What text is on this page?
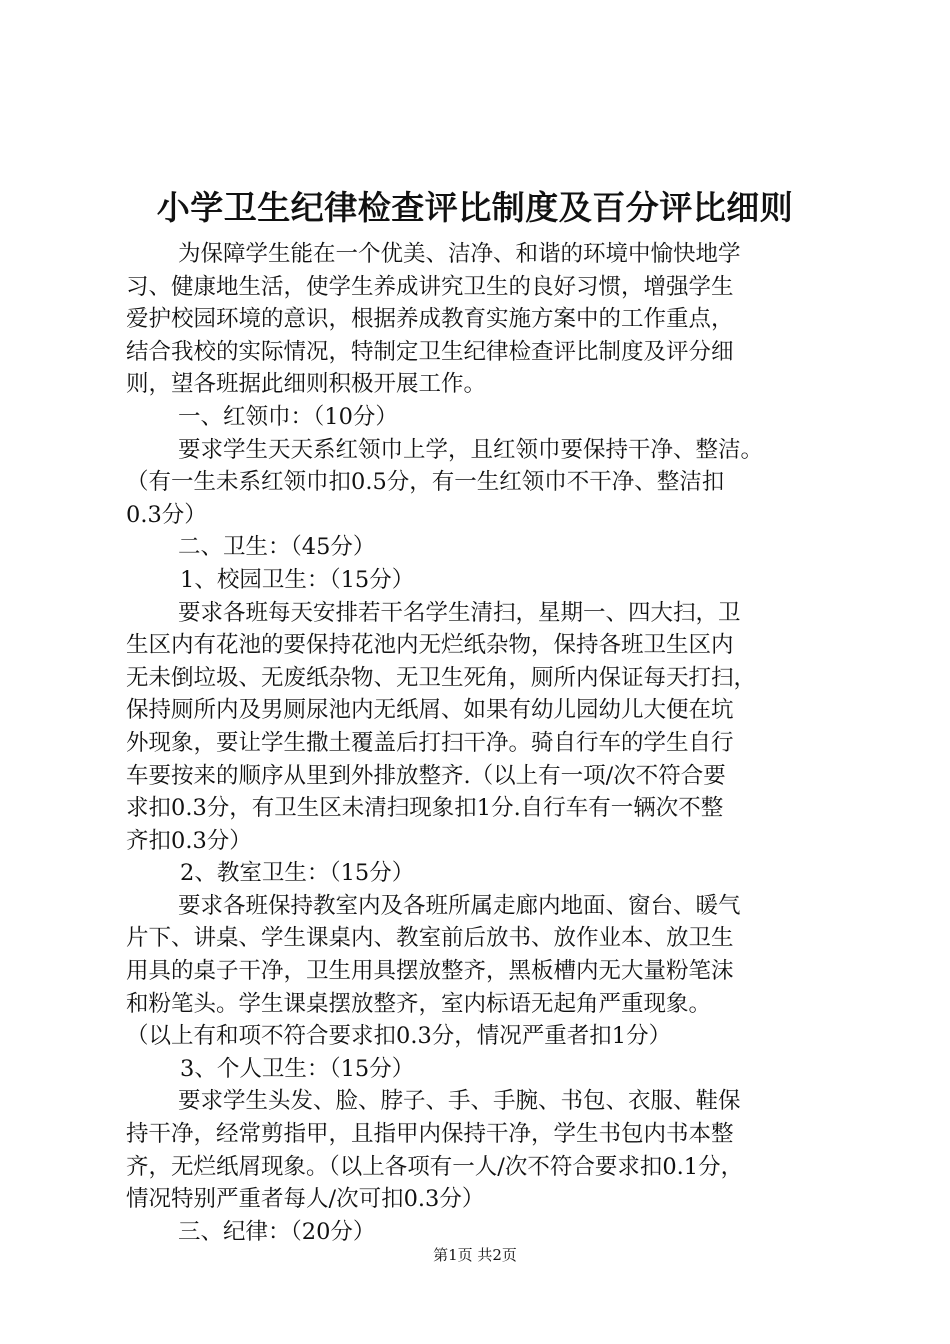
小学卫生纪律检查评比制度及百分评比细则
为保障学生能在一个优美、洁净、和谐的环境中愉快地学
习、健康地生活，使学生养成讲究卫生的良好习惯，增强学生
爱护校园环境的意识，根据养成教育实施方案中的工作重点，
结合我校的实际情况，特制定卫生纪律检查评比制度及评分细
则，望各班据此细则积极开展工作。
一、红领巾：（10分）
要求学生天天系红领巾上学，且红领巾要保持干净、整洁。
（有一生未系红领巾扣0.5分，有一生红领巾不干净、整洁扣
0.3分）
二、卫生：（45分）
1、校园卫生：（15分）
要求各班每天安排若干名学生清扫，星期一、四大扫，卫
生区内有花池的要保持花池内无烂纸杂物，保持各班卫生区内
无未倒垃圾、无废纸杂物、无卫生死角，厕所内保证每天打扫，
保持厕所内及男厕尿池内无纸屑、如果有幼儿园幼儿大便在坑
外现象，要让学生撒土覆盖后打扫干净。骑自行车的学生自行
车要按来的顺序从里到外排放整齐.（以上有一项/次不符合要
求扣0.3分，有卫生区未清扫现象扣1分.自行车有一辆次不整
齐扣0.3分）
2、教室卫生：（15分）
要求各班保持教室内及各班所属走廊内地面、窗台、暖气
片下、讲桌、学生课桌内、教室前后放书、放作业本、放卫生
用具的桌子干净，卫生用具摆放整齐，黑板槽内无大量粉笔沫
和粉笔头。学生课桌摆放整齐，室内标语无起角严重现象。
（以上有和项不符合要求扣0.3分，情况严重者扣1分）
3、个人卫生：（15分）
要求学生头发、脸、脖子、手、手腕、书包、衣服、鞋保
持干净，经常剪指甲，且指甲内保持干净，学生书包内书本整
齐，无烂纸屑现象。（以上各项有一人/次不符合要求扣0.1分，
情况特别严重者每人/次可扣0.3分）
三、纪律：（20分）
第1页 共2页
